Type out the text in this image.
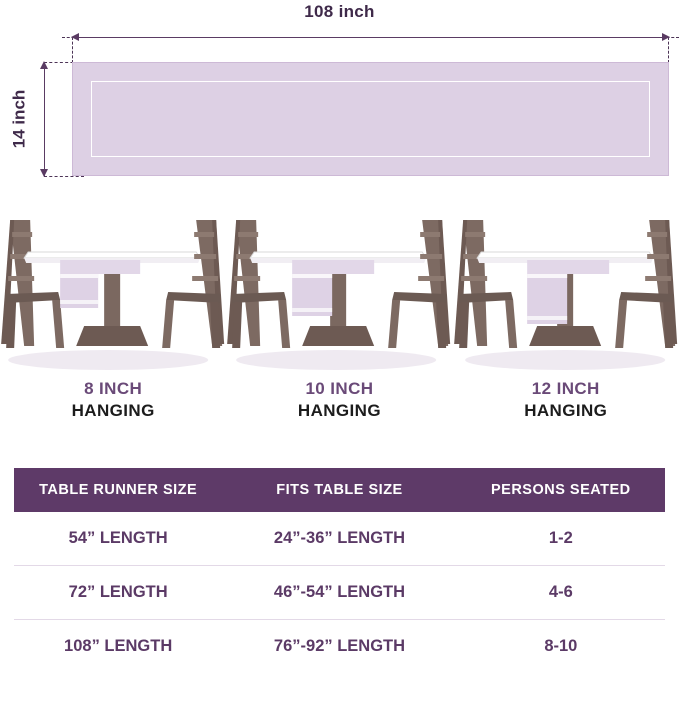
108 inch
14 inch
8 INCH
HANGING
10 INCH
HANGING
12 INCH
HANGING
TABLE RUNNER SIZE	FITS TABLE SIZE	PERSONS SEATED
54” LENGTH	24”-36” LENGTH	1-2
72” LENGTH	46”-54” LENGTH	4-6
108” LENGTH	76”-92” LENGTH	8-10
